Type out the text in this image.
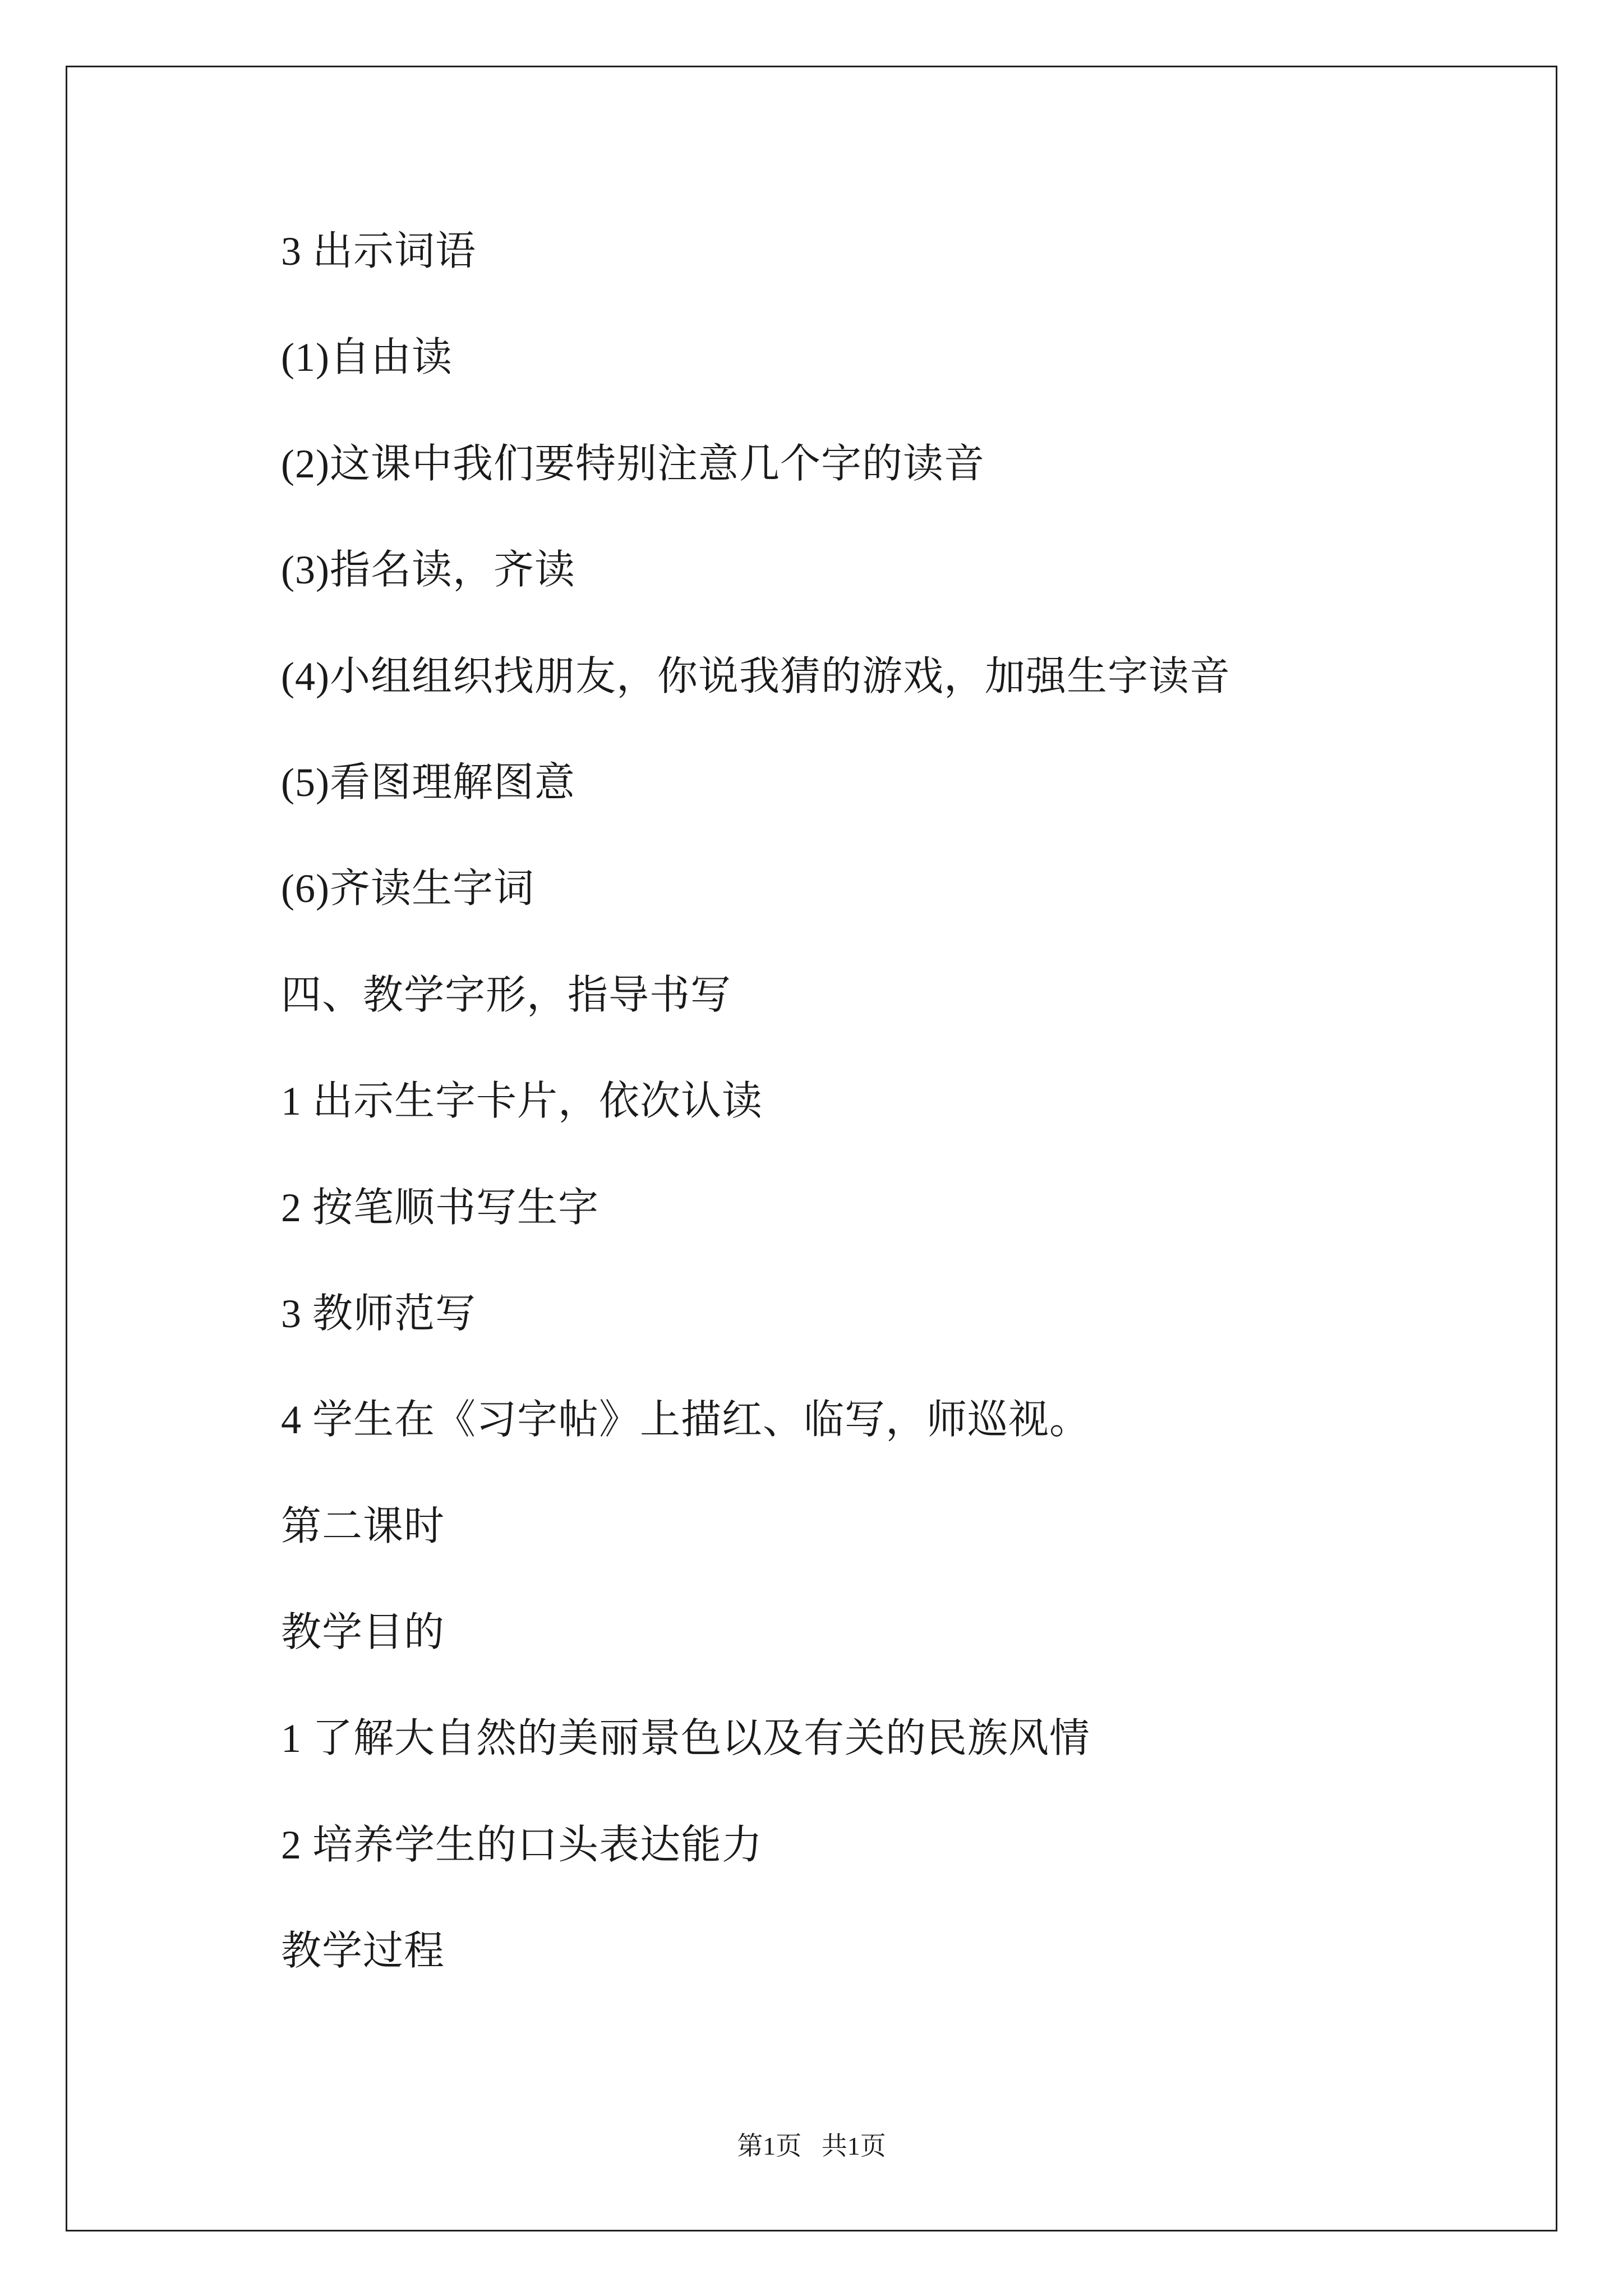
3 出示词语
(1)自由读
(2)这课中我们要特别注意几个字的读音
(3)指名读，齐读
(4)小组组织找朋友，你说我猜的游戏，加强生字读音
(5)看图理解图意
(6)齐读生字词
四、教学字形，指导书写
1 出示生字卡片，依次认读
2 按笔顺书写生字
3 教师范写
4 学生在《习字帖》上描红、临写，师巡视。
第二课时
教学目的
1 了解大自然的美丽景色以及有关的民族风情
2 培养学生的口头表达能力
教学过程
第1页 共1页
